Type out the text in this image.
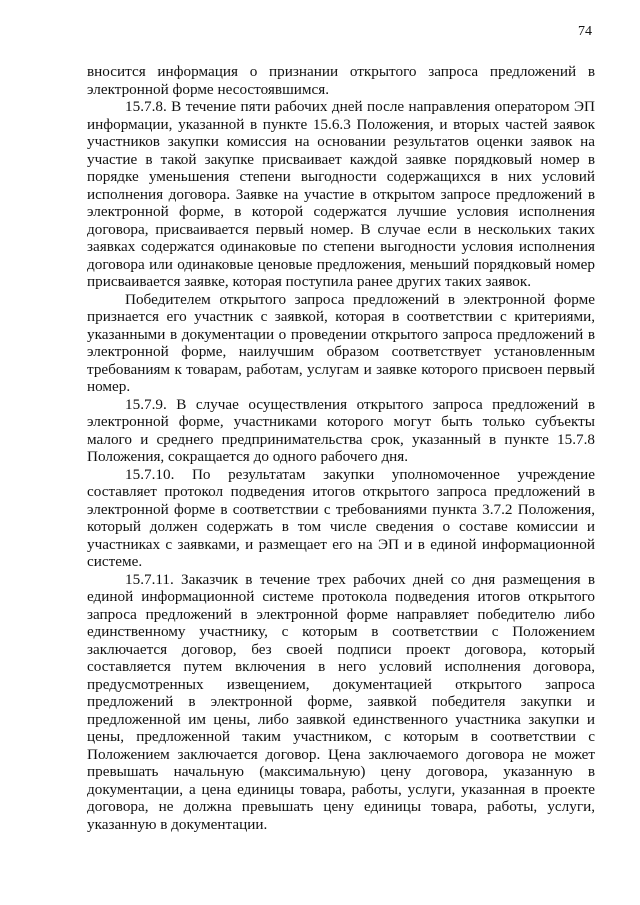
74

вносится информация о признании открытого запроса предложений в электронной форме несостоявшимся.

15.7.8. В течение пяти рабочих дней после направления оператором ЭП информации, указанной в пункте 15.6.3 Положения, и вторых частей заявок участников закупки комиссия на основании результатов оценки заявок на участие в такой закупке присваивает каждой заявке порядковый номер в порядке уменьшения степени выгодности содержащихся в них условий исполнения договора. Заявке на участие в открытом запросе предложений в электронной форме, в которой содержатся лучшие условия исполнения договора, присваивается первый номер. В случае если в нескольких таких заявках содержатся одинаковые по степени выгодности условия исполнения договора или одинаковые ценовые предложения, меньший порядковый номер присваивается заявке, которая поступила ранее других таких заявок.

Победителем открытого запроса предложений в электронной форме признается его участник с заявкой, которая в соответствии с критериями, указанными в документации о проведении открытого запроса предложений в электронной форме, наилучшим образом соответствует установленным требованиям к товарам, работам, услугам и заявке которого присвоен первый номер.

15.7.9. В случае осуществления открытого запроса предложений в электронной форме, участниками которого могут быть только субъекты малого и среднего предпринимательства срок, указанный в пункте 15.7.8 Положения, сокращается до одного рабочего дня.

15.7.10. По результатам закупки уполномоченное учреждение составляет протокол подведения итогов открытого запроса предложений в электронной форме в соответствии с требованиями пункта 3.7.2 Положения, который должен содержать в том числе сведения о составе комиссии и участниках с заявками, и размещает его на ЭП и в единой информационной системе.

15.7.11. Заказчик в течение трех рабочих дней со дня размещения в единой информационной системе протокола подведения итогов открытого запроса предложений в электронной форме направляет победителю либо единственному участнику, с которым в соответствии с Положением заключается договор, без своей подписи проект договора, который составляется путем включения в него условий исполнения договора, предусмотренных извещением, документацией открытого запроса предложений в электронной форме, заявкой победителя закупки и предложенной им цены, либо заявкой единственного участника закупки и цены, предложенной таким участником, с которым в соответствии с Положением заключается договор. Цена заключаемого договора не может превышать начальную (максимальную) цену договора, указанную в документации, а цена единицы товара, работы, услуги, указанная в проекте договора, не должна превышать цену единицы товара, работы, услуги, указанную в документации.
